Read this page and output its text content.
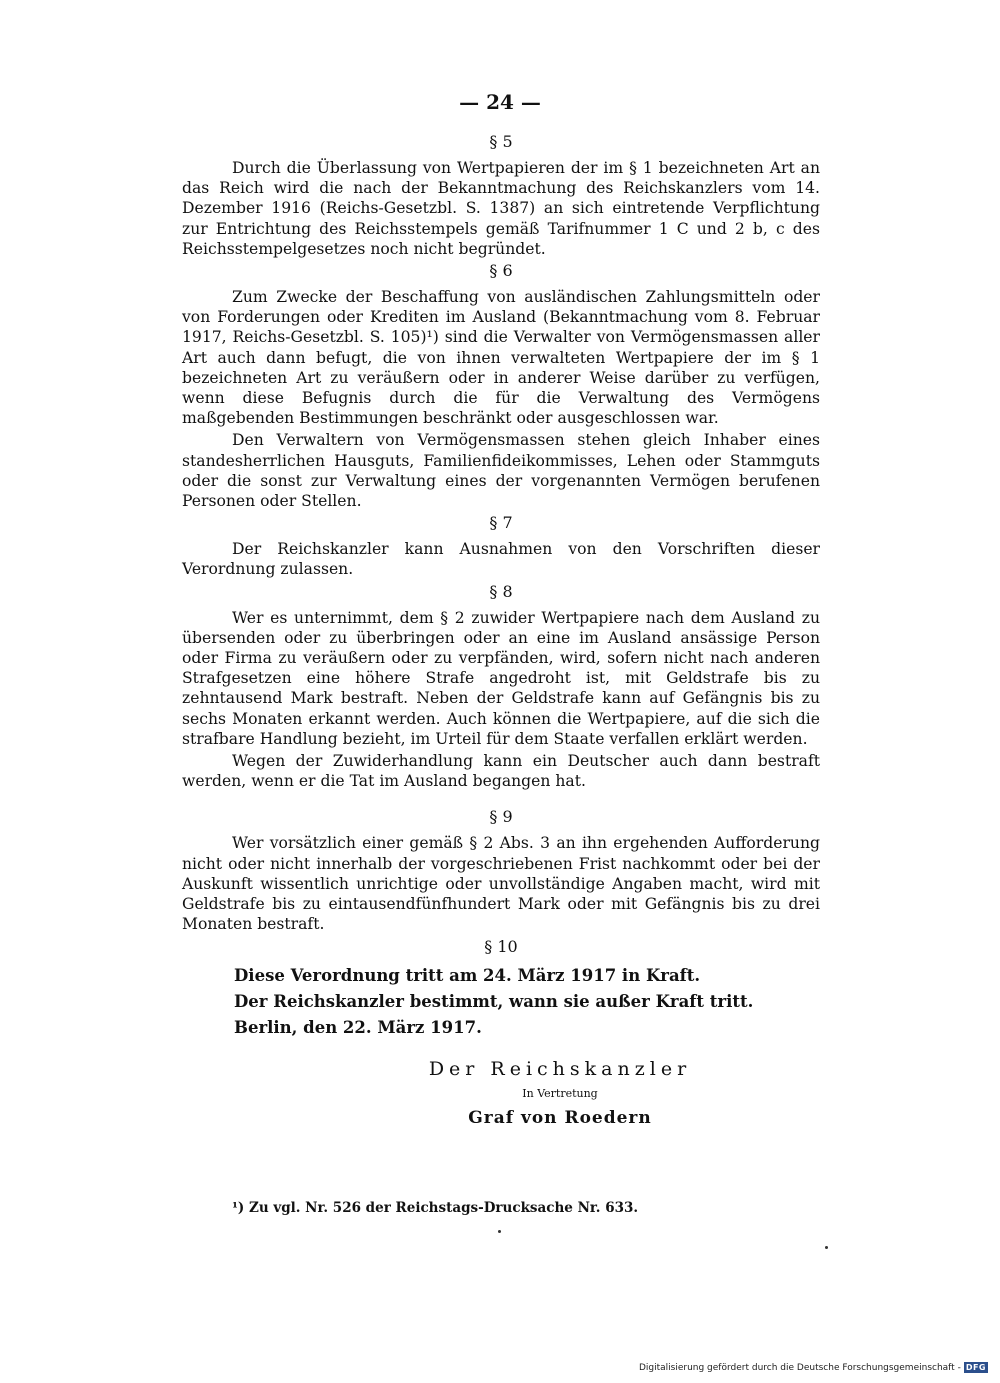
— 24 —
§ 5

Durch die Überlassung von Wertpapieren der im § 1 bezeichneten Art an das Reich wird die nach der Bekanntmachung des Reichskanzlers vom 14. Dezember 1916 (Reichs-Gesetzbl. S. 1387) an sich eintretende Verpflichtung zur Entrichtung des Reichsstempels gemäß Tarifnummer 1 C und 2 b, c des Reichsstempelgesetzes noch nicht begründet.

§ 6

Zum Zwecke der Beschaffung von ausländischen Zahlungsmitteln oder von Forderungen oder Krediten im Ausland (Bekanntmachung vom 8. Februar 1917, Reichs-Gesetzbl. S. 105)¹) sind die Verwalter von Vermögensmassen aller Art auch dann befugt, die von ihnen verwalteten Wertpapiere der im § 1 bezeichneten Art zu veräußern oder in anderer Weise darüber zu verfügen, wenn diese Befugnis durch die für die Verwaltung des Vermögens maßgebenden Bestimmungen beschränkt oder ausgeschlossen war.

Den Verwaltern von Vermögensmassen stehen gleich Inhaber eines standesherrlichen Hausguts, Familienfideikommisses, Lehen oder Stammguts oder die sonst zur Verwaltung eines der vorgenannten Vermögen berufenen Personen oder Stellen.

§ 7

Der Reichskanzler kann Ausnahmen von den Vorschriften dieser Verordnung zulassen.

§ 8

Wer es unternimmt, dem § 2 zuwider Wertpapiere nach dem Ausland zu übersenden oder zu überbringen oder an eine im Ausland ansässige Person oder Firma zu veräußern oder zu verpfänden, wird, sofern nicht nach anderen Strafgesetzen eine höhere Strafe angedroht ist, mit Geldstrafe bis zu zehntausend Mark bestraft. Neben der Geldstrafe kann auf Gefängnis bis zu sechs Monaten erkannt werden. Auch können die Wertpapiere, auf die sich die strafbare Handlung bezieht, im Urteil für dem Staate verfallen erklärt werden.

Wegen der Zuwiderhandlung kann ein Deutscher auch dann bestraft werden, wenn er die Tat im Ausland begangen hat.

§ 9

Wer vorsätzlich einer gemäß § 2 Abs. 3 an ihn ergehenden Aufforderung nicht oder nicht innerhalb der vorgeschriebenen Frist nachkommt oder bei der Auskunft wissentlich unrichtige oder unvollständige Angaben macht, wird mit Geldstrafe bis zu eintausendfünfhundert Mark oder mit Gefängnis bis zu drei Monaten bestraft.

§ 10
Diese Verordnung tritt am 24. März 1917 in Kraft.
Der Reichskanzler bestimmt, wann sie außer Kraft tritt.
Berlin, den 22. März 1917.
Der Reichskanzler
In Vertretung
Graf von Roedern
¹) Zu vgl. Nr. 526 der Reichstags-Drucksache Nr. 633.
Digitalisierung gefördert durch die Deutsche Forschungsgemeinschaft - DFG
